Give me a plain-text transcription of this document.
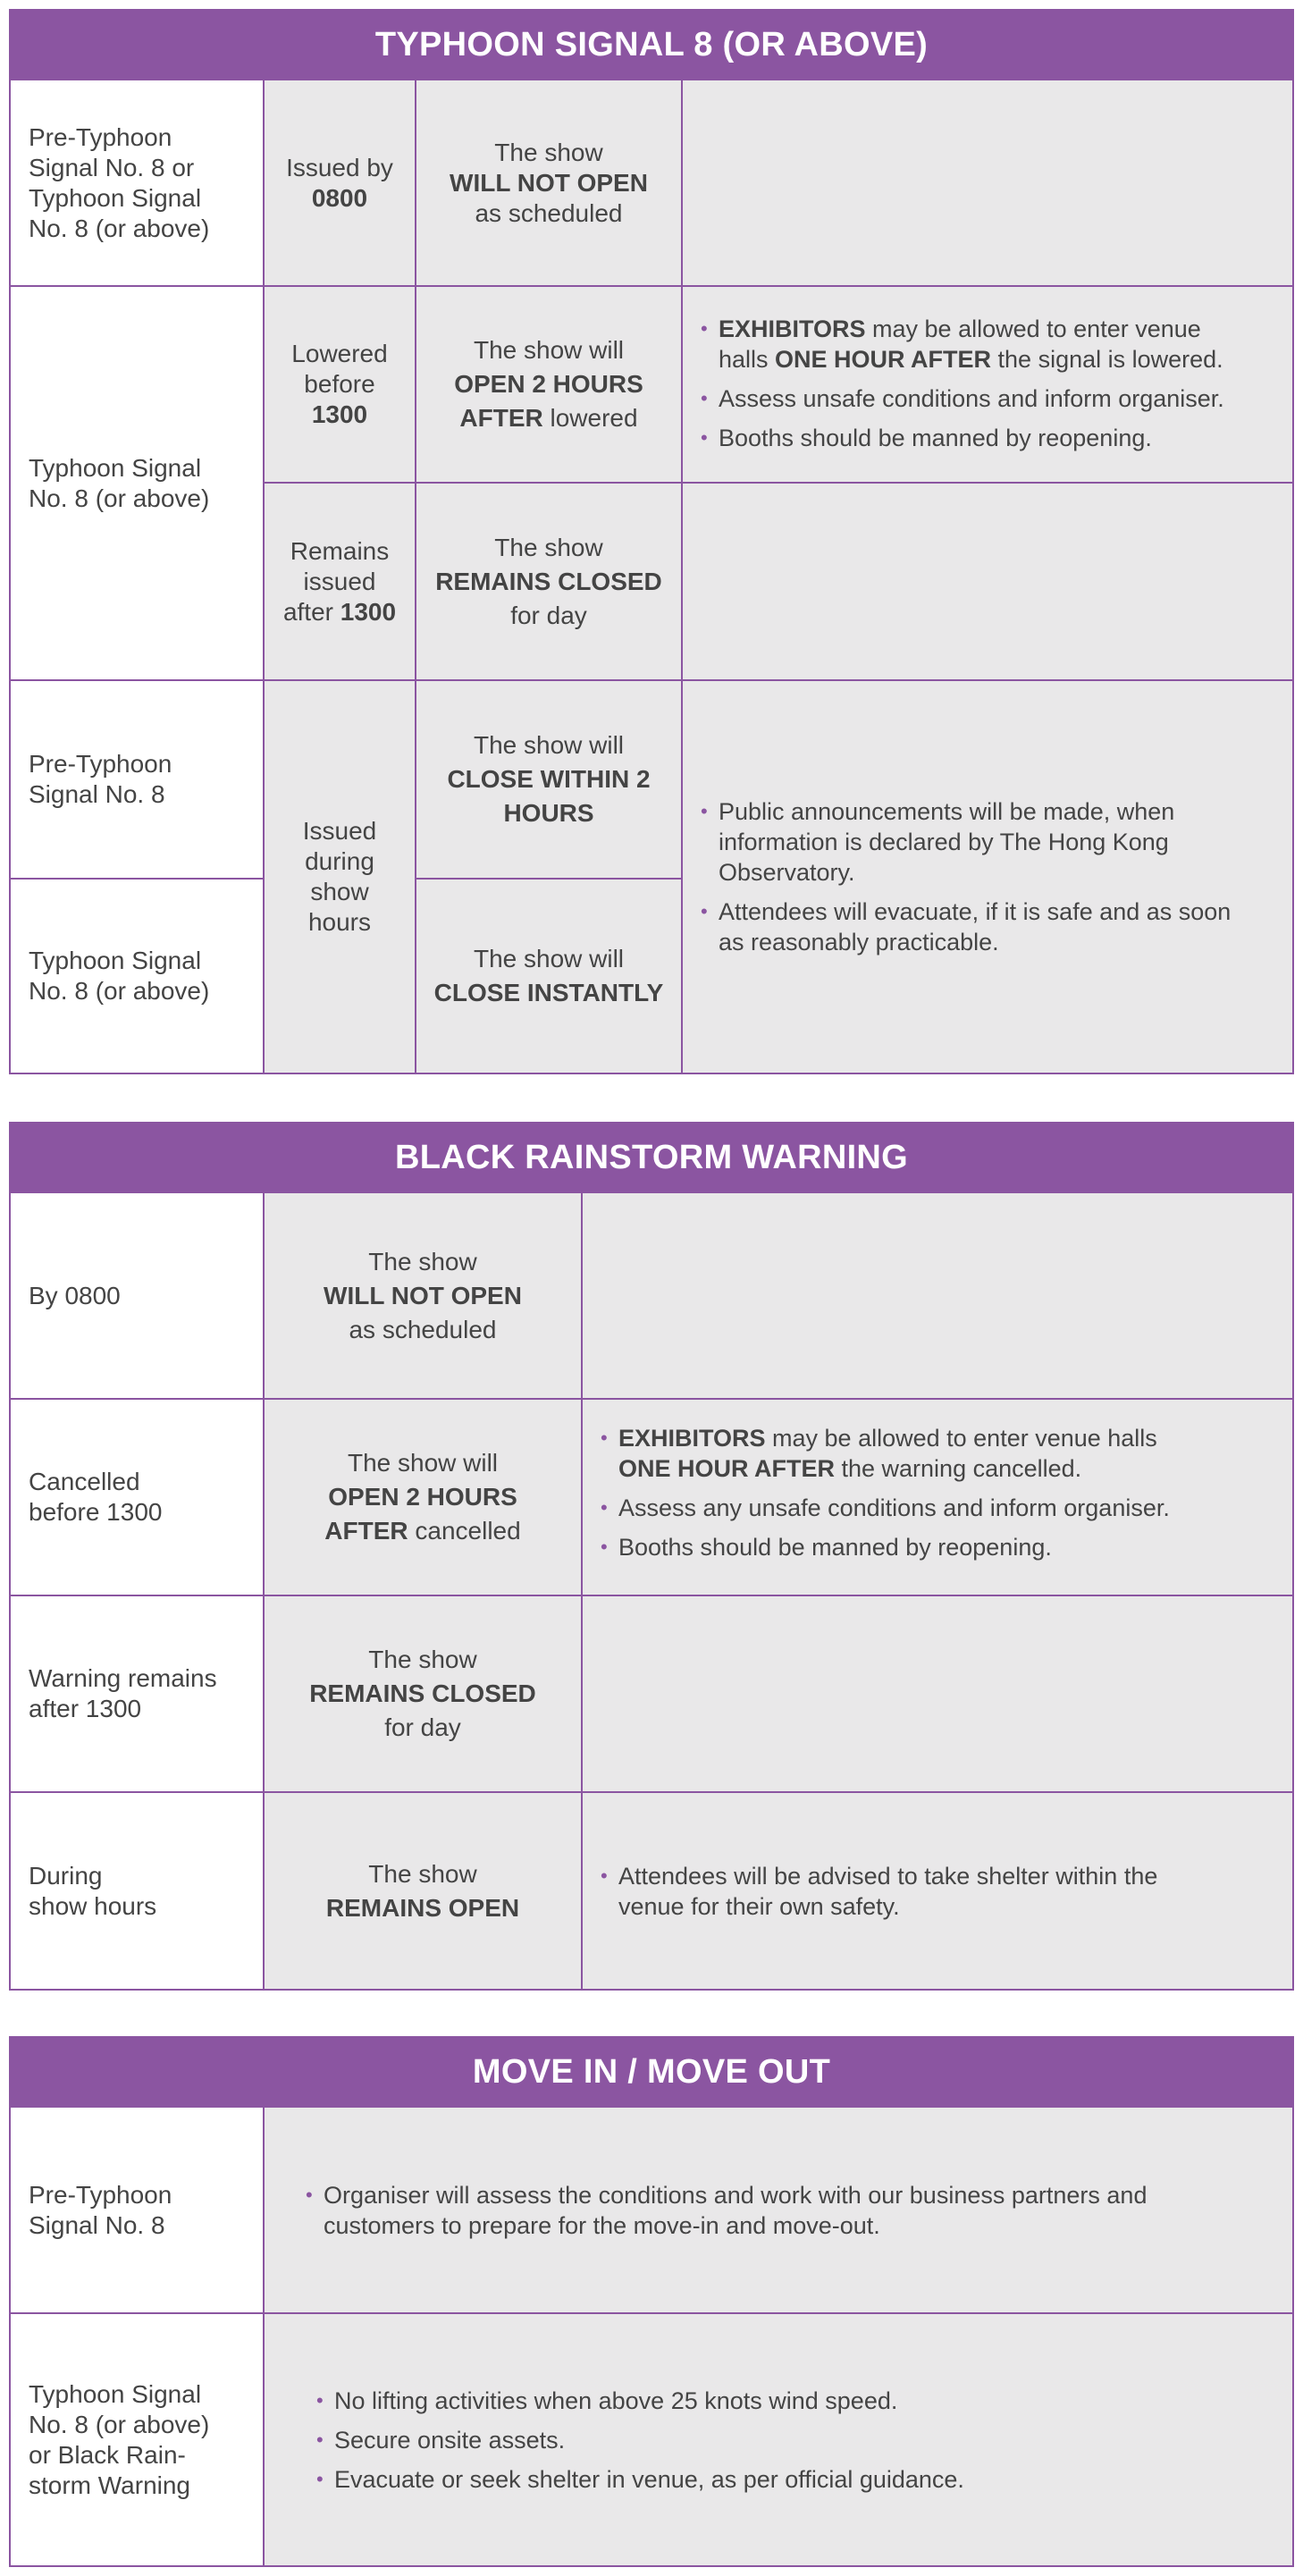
TYPHOON SIGNAL 8 (OR ABOVE)
Pre-Typhoon
Signal No. 8 or
Typhoon Signal
No. 8 (or above)
Issued by
0800
The show
WILL NOT OPEN
as scheduled
Typhoon Signal
No. 8 (or above)
Lowered
before
1300
The show will
OPEN 2 HOURS
AFTER lowered
• EXHIBITORS may be allowed to enter venue
halls ONE HOUR AFTER the signal is lowered.
• Assess unsafe conditions and inform organiser.
• Booths should be manned by reopening.
Remains
issued
after 1300
The show
REMAINS CLOSED
for day
Pre-Typhoon
Signal No. 8
Typhoon Signal
No. 8 (or above)
Issued
during
show
hours
The show will
CLOSE WITHIN 2
HOURS
The show will
CLOSE INSTANTLY
• Public announcements will be made, when
information is declared by The Hong Kong
Observatory.
• Attendees will evacuate, if it is safe and as soon
as reasonably practicable.
BLACK RAINSTORM WARNING
By 0800
The show
WILL NOT OPEN
as scheduled
Cancelled
before 1300
The show will
OPEN 2 HOURS
AFTER cancelled
• EXHIBITORS may be allowed to enter venue halls
ONE HOUR AFTER the warning cancelled.
• Assess any unsafe conditions and inform organiser.
• Booths should be manned by reopening.
Warning remains
after 1300
The show
REMAINS CLOSED
for day
During
show hours
The show
REMAINS OPEN
• Attendees will be advised to take shelter within the
venue for their own safety.
MOVE IN / MOVE OUT
Pre-Typhoon
Signal No. 8
• Organiser will assess the conditions and work with our business partners and
customers to prepare for the move-in and move-out.
Typhoon Signal
No. 8 (or above)
or Black Rain-
storm Warning
• No lifting activities when above 25 knots wind speed.
• Secure onsite assets.
• Evacuate or seek shelter in venue, as per official guidance.
